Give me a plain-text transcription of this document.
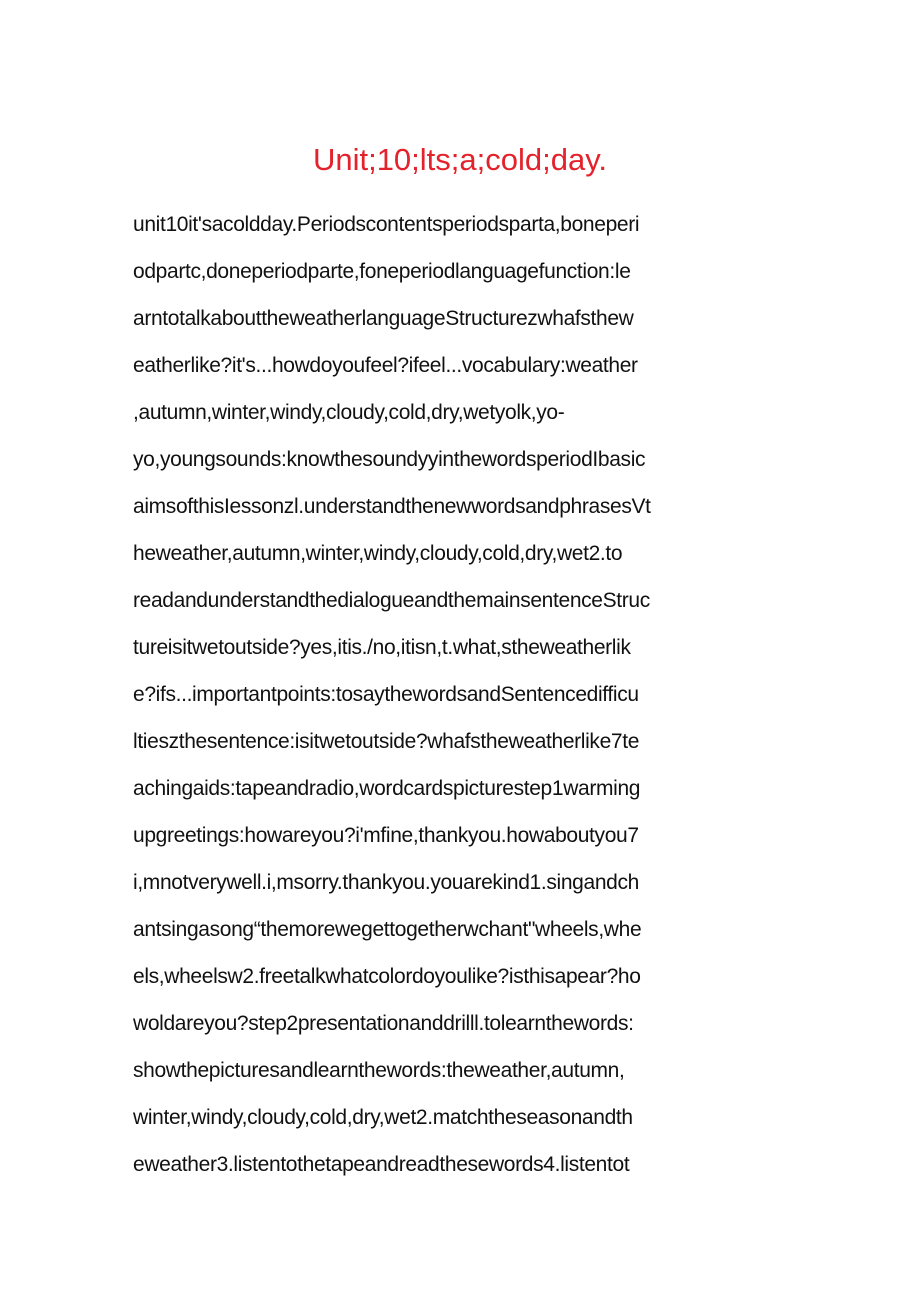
Unit;10;lts;a;cold;day.
unit10it'sacoldday.Periodscontentsperiodsparta,boneperi
odpartc,doneperiodparte,foneperiodlanguagefunction:le
arntotalkabouttheweatherlanguageStructurezwhafsthew
eatherlike?it's...howdoyoufeel?ifeel...vocabulary:weather
,autumn,winter,windy,cloudy,cold,dry,wetyolk,yo-
yo,youngsounds:knowthesoundyyinthewordsperiodIbasic
aimsofthisIessonzl.understandthenewwordsandphrasesVt
heweather,autumn,winter,windy,cloudy,cold,dry,wet2.to
readandunderstandthedialogueandthemainsentenceStruc
tureisitwetoutside?yes,itis./no,itisn,t.what,stheweatherlik
e?ifs...importantpoints:tosaythewordsandSentencedifficu
ltieszthesentence:isitwetoutside?whafstheweatherlike7te
achingaids:tapeandradio,wordcardspicturestep1warming
upgreetings:howareyou?i'mfine,thankyou.howaboutyou7
i,mnotverywell.i,msorry.thankyou.youarekind1.singandch
antsingasong“themorewegettogetherwchant"wheels,whe
els,wheelsw2.freetalkwhatcolordoyoulike?isthisapear?ho
woldareyou?step2presentationanddrilll.tolearnthewords:
showthepicturesandlearnthewords:theweather,autumn,
winter,windy,cloudy,cold,dry,wet2.matchtheseasonandth
eweather3.listentothetapeandreadthesewords4.listentot
